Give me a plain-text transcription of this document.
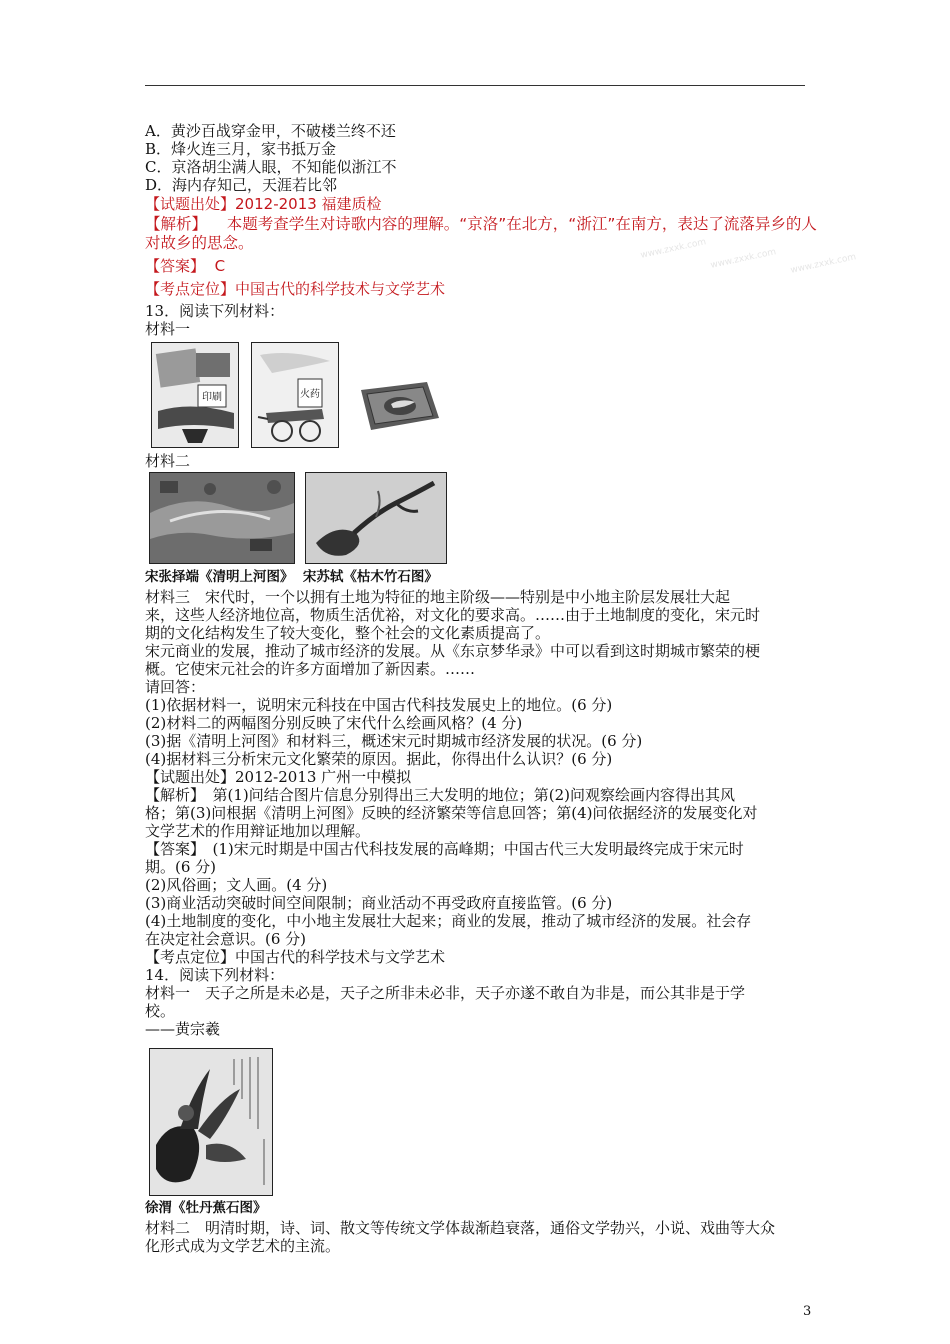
www.zxxk.com www.zxxk.com www.zxxk.com
A．黄沙百战穿金甲，不破楼兰终不还
B．烽火连三月，家书抵万金
C．京洛胡尘满人眼，不知能似浙江不
D．海内存知己，天涯若比邻
【试题出处】2012-2013 福建质检
【解析】 本题考查学生对诗歌内容的理解。“京洛”在北方，“浙江”在南方，表达了流落异乡的人对故乡的思念。
【答案】 C
【考点定位】中国古代的科学技术与文学艺术
13．阅读下列材料：
材料一
印刷	火药
材料二
宋张择端《清明上河图》 宋苏轼《枯木竹石图》
材料三　宋代时，一个以拥有土地为特征的地主阶级——特别是中小地主阶层发展壮大起
来，这些人经济地位高，物质生活优裕，对文化的要求高。……由于土地制度的变化，宋元时
期的文化结构发生了较大变化，整个社会的文化素质提高了。
宋元商业的发展，推动了城市经济的发展。从《东京梦华录》中可以看到这时期城市繁荣的梗
概。它使宋元社会的许多方面增加了新因素。……
请回答：
(1)依据材料一，说明宋元科技在中国古代科技发展史上的地位。(6 分)
(2)材料二的两幅图分别反映了宋代什么绘画风格？(4 分)
(3)据《清明上河图》和材料三，概述宋元时期城市经济发展的状况。(6 分)
(4)据材料三分析宋元文化繁荣的原因。据此，你得出什么认识？(6 分)
【试题出处】2012-2013 广州一中模拟
【解析】　第(1)问结合图片信息分别得出三大发明的地位；第(2)问观察绘画内容得出其风
格；第(3)问根据《清明上河图》反映的经济繁荣等信息回答；第(4)问依据经济的发展变化对
文学艺术的作用辩证地加以理解。
【答案】　(1)宋元时期是中国古代科技发展的高峰期；中国古代三大发明最终完成于宋元时
期。(6 分)
(2)风俗画；文人画。(4 分)
(3)商业活动突破时间空间限制；商业活动不再受政府直接监管。(6 分)
(4)土地制度的变化，中小地主发展壮大起来；商业的发展，推动了城市经济的发展。社会存
在决定社会意识。(6 分)
【考点定位】中国古代的科学技术与文学艺术
14．阅读下列材料：
材料一　天子之所是未必是，天子之所非未必非，天子亦遂不敢自为非是，而公其非是于学
校。
——黄宗羲
徐渭《牡丹蕉石图》
材料二　明清时期，诗、词、散文等传统文学体裁渐趋衰落，通俗文学勃兴，小说、戏曲等大众
化形式成为文学艺术的主流。
3
